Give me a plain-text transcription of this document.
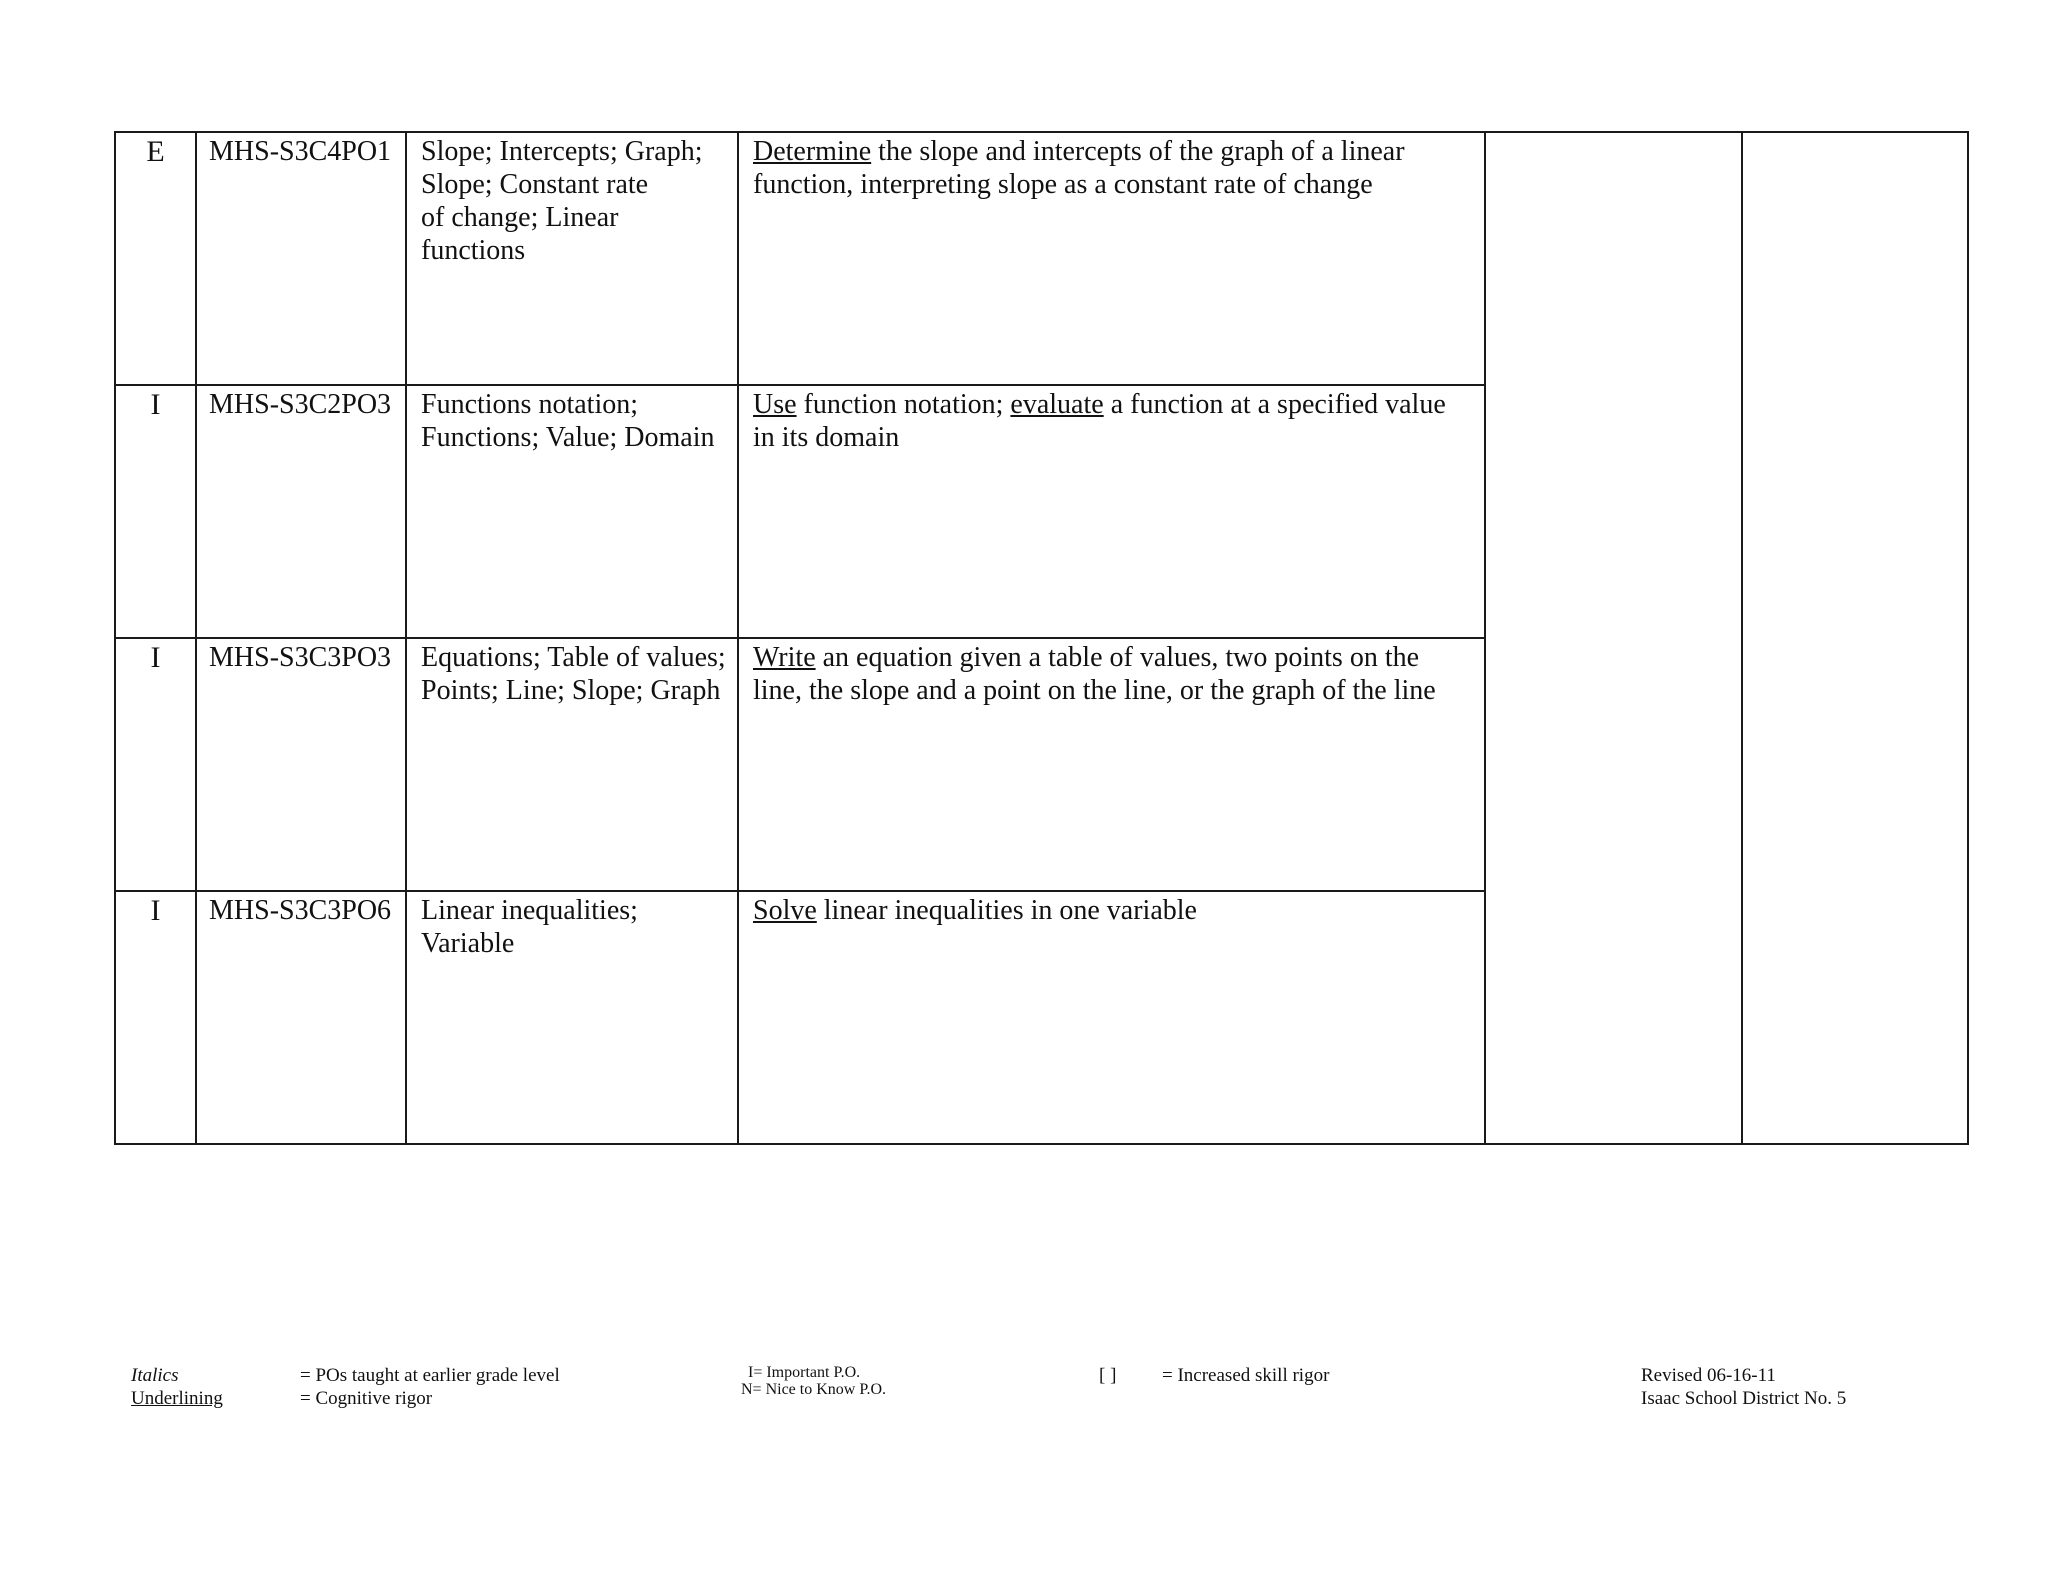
E	MHS-S3C4PO1	Slope; Intercepts; Graph;
Slope; Constant rate
of change; Linear
functions	Determine the slope and intercepts of the graph of a linear function, interpreting slope as a constant rate of change		

I	MHS-S3C2PO3	Functions notation;
Functions; Value; Domain	Use function notation; evaluate a function at a specified value in its domain		

I	MHS-S3C3PO3	Equations; Table of values;
Points; Line; Slope; Graph	Write an equation given a table of values, two points on the line, the slope and a point on the line, or the graph of the line		

I	MHS-S3C3PO6	Linear inequalities;
Variable	Solve linear inequalities in one variable		
Italics
Underlining
= POs taught at earlier grade level
= Cognitive rigor
I= Important P.O.
N= Nice to Know P.O.
[ ] = Increased skill rigor	Revised 06-16-11
Isaac School District No. 5
